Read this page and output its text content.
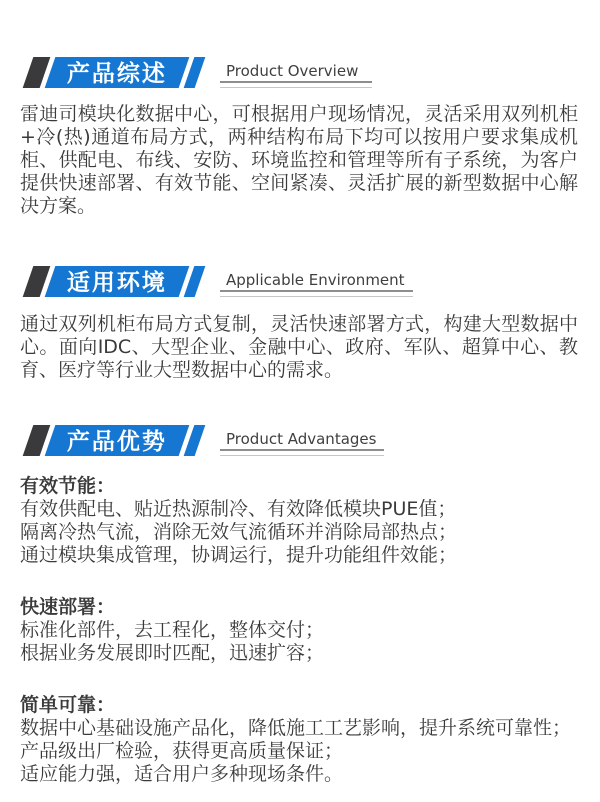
产品综述	Product Overview

雷迪司模块化数据中心，可根据用户现场情况，灵活采用双列机柜+冷(热)通道布局方式，两种结构布局下均可以按用户要求集成机柜、供配电、布线、安防、环境监控和管理等所有子系统，为客户提供快速部署、有效节能、空间紧凑、灵活扩展的新型数据中心解决方案。

适用环境	Applicable Environment

通过双列机柜布局方式复制，灵活快速部署方式，构建大型数据中心。面向IDC、大型企业、金融中心、政府、军队、超算中心、教育、医疗等行业大型数据中心的需求。

产品优势	Product Advantages
有效节能：
有效供配电、贴近热源制冷、有效降低模块PUE值；
隔离冷热气流，消除无效气流循环并消除局部热点；
通过模块集成管理，协调运行，提升功能组件效能；
快速部署：
标准化部件，去工程化，整体交付；
根据业务发展即时匹配，迅速扩容；
简单可靠：
数据中心基础设施产品化，降低施工工艺影响，提升系统可靠性；
产品级出厂检验，获得更高质量保证；
适应能力强，适合用户多种现场条件。
